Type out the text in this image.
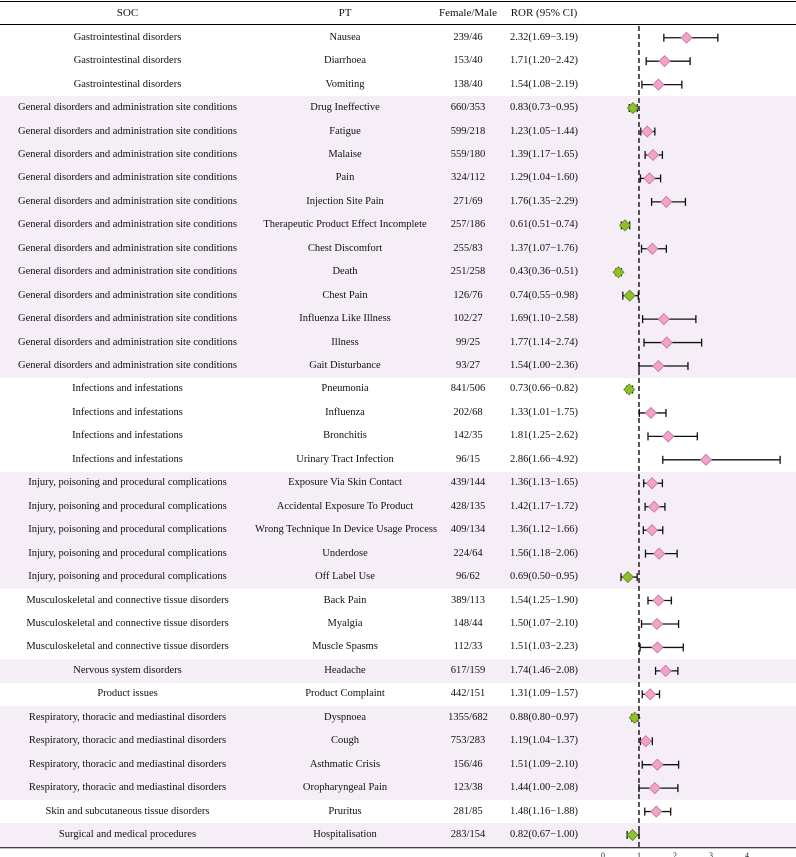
SOC	PT	Female/Male	ROR (95% CI)
Gastrointestinal disorders	Nausea	239/46	2.32(1.69−3.19)
Gastrointestinal disorders	Diarrhoea	153/40	1.71(1.20−2.42)
Gastrointestinal disorders	Vomiting	138/40	1.54(1.08−2.19)
General disorders and administration site conditions	Drug Ineffective	660/353	0.83(0.73−0.95)
General disorders and administration site conditions	Fatigue	599/218	1.23(1.05−1.44)
General disorders and administration site conditions	Malaise	559/180	1.39(1.17−1.65)
General disorders and administration site conditions	Pain	324/112	1.29(1.04−1.60)
General disorders and administration site conditions	Injection Site Pain	271/69	1.76(1.35−2.29)
General disorders and administration site conditions	Therapeutic Product Effect Incomplete	257/186	0.61(0.51−0.74)
General disorders and administration site conditions	Chest Discomfort	255/83	1.37(1.07−1.76)
General disorders and administration site conditions	Death	251/258	0.43(0.36−0.51)
General disorders and administration site conditions	Chest Pain	126/76	0.74(0.55−0.98)
General disorders and administration site conditions	Influenza Like Illness	102/27	1.69(1.10−2.58)
General disorders and administration site conditions	Illness	99/25	1.77(1.14−2.74)
General disorders and administration site conditions	Gait Disturbance	93/27	1.54(1.00−2.36)
Infections and infestations	Pneumonia	841/506	0.73(0.66−0.82)
Infections and infestations	Influenza	202/68	1.33(1.01−1.75)
Infections and infestations	Bronchitis	142/35	1.81(1.25−2.62)
Infections and infestations	Urinary Tract Infection	96/15	2.86(1.66−4.92)
Injury, poisoning and procedural complications	Exposure Via Skin Contact	439/144	1.36(1.13−1.65)
Injury, poisoning and procedural complications	Accidental Exposure To Product	428/135	1.42(1.17−1.72)
Injury, poisoning and procedural complications	Wrong Technique In Device Usage Process	409/134	1.36(1.12−1.66)
Injury, poisoning and procedural complications	Underdose	224/64	1.56(1.18−2.06)
Injury, poisoning and procedural complications	Off Label Use	96/62	0.69(0.50−0.95)
Musculoskeletal and connective tissue disorders	Back Pain	389/113	1.54(1.25−1.90)
Musculoskeletal and connective tissue disorders	Myalgia	148/44	1.50(1.07−2.10)
Musculoskeletal and connective tissue disorders	Muscle Spasms	112/33	1.51(1.03−2.23)
Nervous system disorders	Headache	617/159	1.74(1.46−2.08)
Product issues	Product Complaint	442/151	1.31(1.09−1.57)
Respiratory, thoracic and mediastinal disorders	Dyspnoea	1355/682	0.88(0.80−0.97)
Respiratory, thoracic and mediastinal disorders	Cough	753/283	1.19(1.04−1.37)
Respiratory, thoracic and mediastinal disorders	Asthmatic Crisis	156/46	1.51(1.09−2.10)
Respiratory, thoracic and mediastinal disorders	Oropharyngeal Pain	123/38	1.44(1.00−2.08)
Skin and subcutaneous tissue disorders	Pruritus	281/85	1.48(1.16−1.88)
Surgical and medical procedures	Hospitalisation	283/154	0.82(0.67−1.00)
0	1	2	3	4
